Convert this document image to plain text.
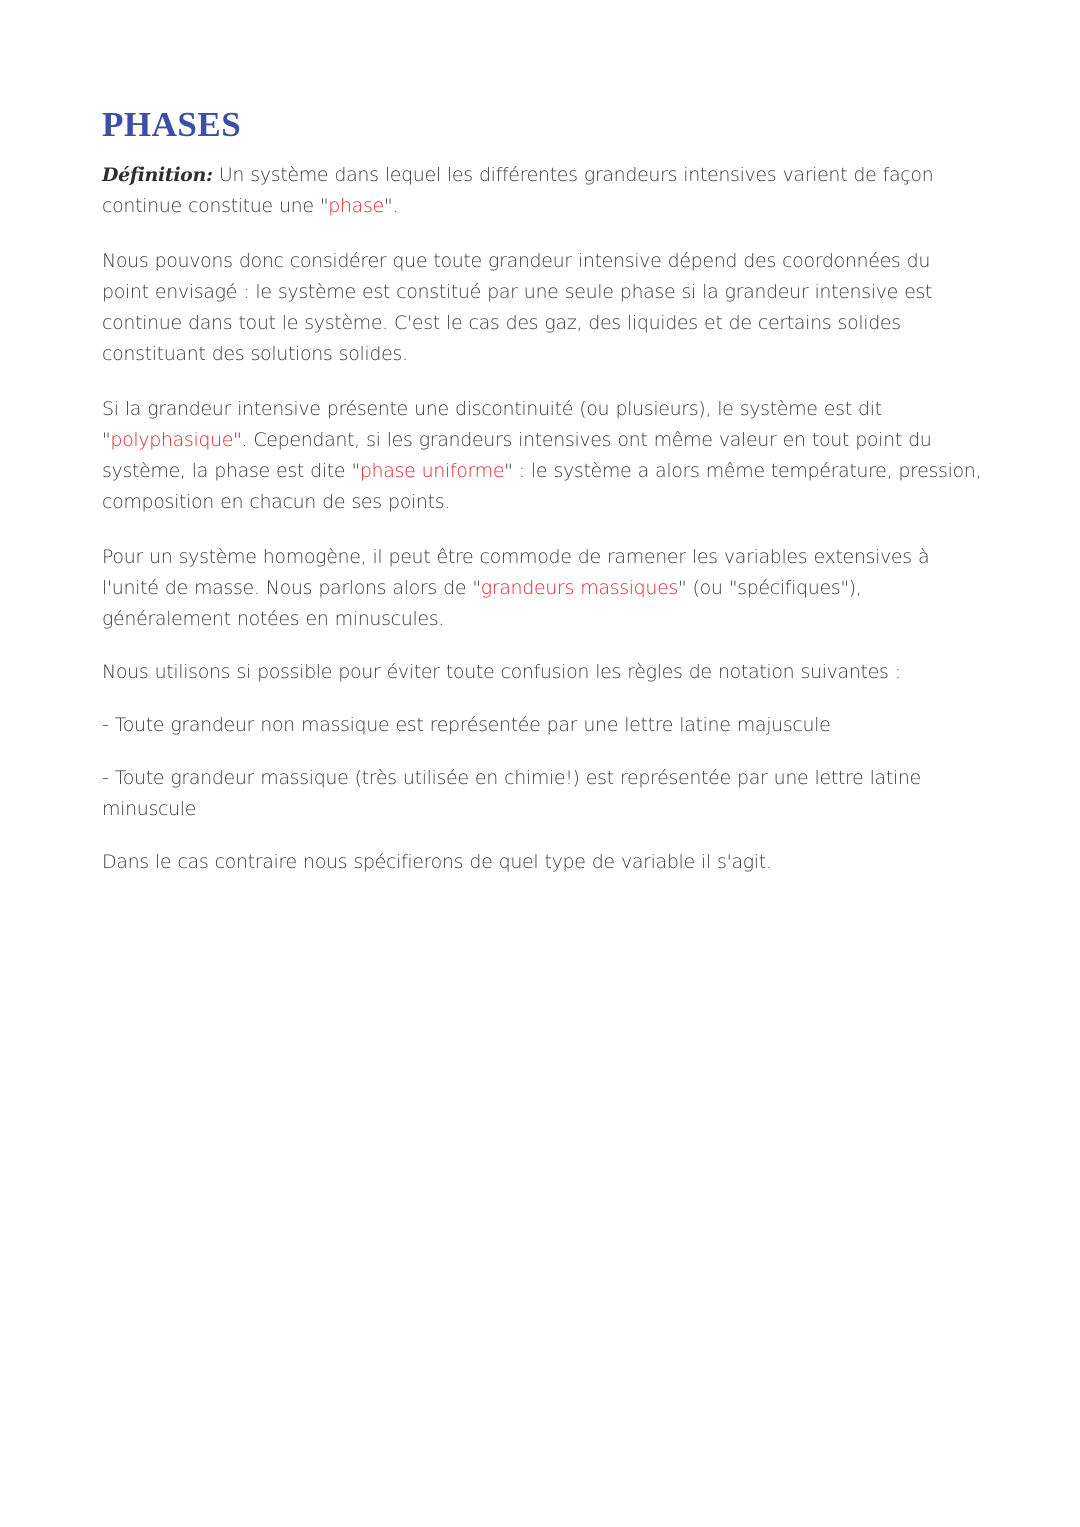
PHASES

Définition: Un système dans lequel les différentes grandeurs intensives varient de façon continue constitue une "phase".

Nous pouvons donc considérer que toute grandeur intensive dépend des coordonnées du point envisagé : le système est constitué par une seule phase si la grandeur intensive est continue dans tout le système. C'est le cas des gaz, des liquides et de certains solides constituant des solutions solides.

Si la grandeur intensive présente une discontinuité (ou plusieurs), le système est dit "polyphasique". Cependant, si les grandeurs intensives ont même valeur en tout point du système, la phase est dite "phase uniforme" : le système a alors même température, pression, composition en chacun de ses points.

Pour un système homogène, il peut être commode de ramener les variables extensives à l'unité de masse. Nous parlons alors de "grandeurs massiques" (ou "spécifiques"), généralement notées en minuscules.

Nous utilisons si possible pour éviter toute confusion les règles de notation suivantes :

- Toute grandeur non massique est représentée par une lettre latine majuscule

- Toute grandeur massique (très utilisée en chimie!) est représentée par une lettre latine minuscule

Dans le cas contraire nous spécifierons de quel type de variable il s'agit.
